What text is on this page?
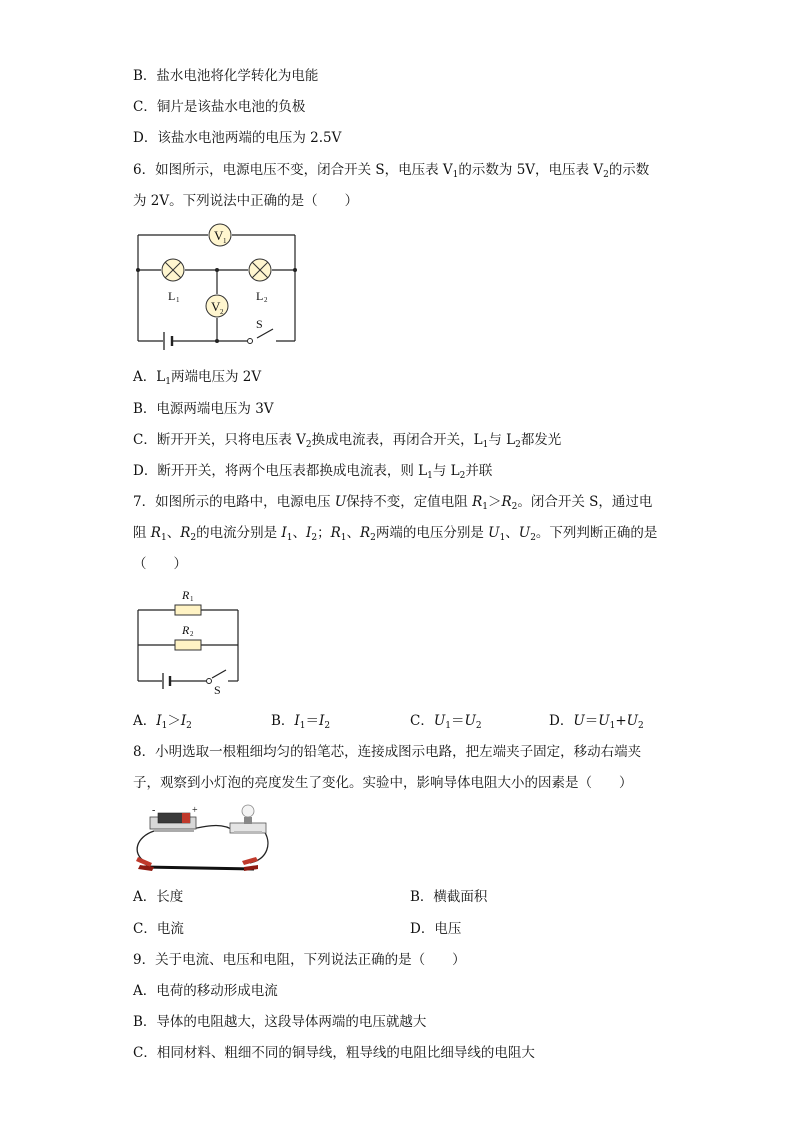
B．盐水电池将化学转化为电能
C．铜片是该盐水电池的负极
D．该盐水电池两端的电压为 2.5V
6．如图所示，电源电压不变，闭合开关 S，电压表 $V_1$的示数为 5V，电压表 $V_2$的示数
为 2V。下列说法中正确的是（　　）
V 1
L 1	L 2
V 2
S
A．$L_1$两端电压为 2V
B．电源两端电压为 3V
C．断开开关，只将电压表 $V_2$换成电流表，再闭合开关，$L_1$与 $L_2$都发光
D．断开开关，将两个电压表都换成电流表，则 $L_1$与 $L_2$并联
7．如图所示的电路中，电源电压 U保持不变，定值电阻 $R_1>R_2$。闭合开关 S，通过电
阻 $R_1$、$R_2$的电流分别是 $I_1$、$I_2$；$R_1$、$R_2$两端的电压分别是 $U_1$、$U_2$。下列判断正确的是
（　　）
R 1
R 2
S
A．$I_1>I_2$	B．$I_1=I_2$	C．$U_1=U_2$	D．$U=U_1+U_2$
8．小明选取一根粗细均匀的铅笔芯，连接成图示电路，把左端夹子固定，移动右端夹
子，观察到小灯泡的亮度发生了变化。实验中，影响导体电阻大小的因素是（　　）
-	+
A．长度	B．横截面积
C．电流	D．电压
9．关于电流、电压和电阻，下列说法正确的是（　　）
A．电荷的移动形成电流
B．导体的电阻越大，这段导体两端的电压就越大
C．相同材料、粗细不同的铜导线，粗导线的电阻比细导线的电阻大
